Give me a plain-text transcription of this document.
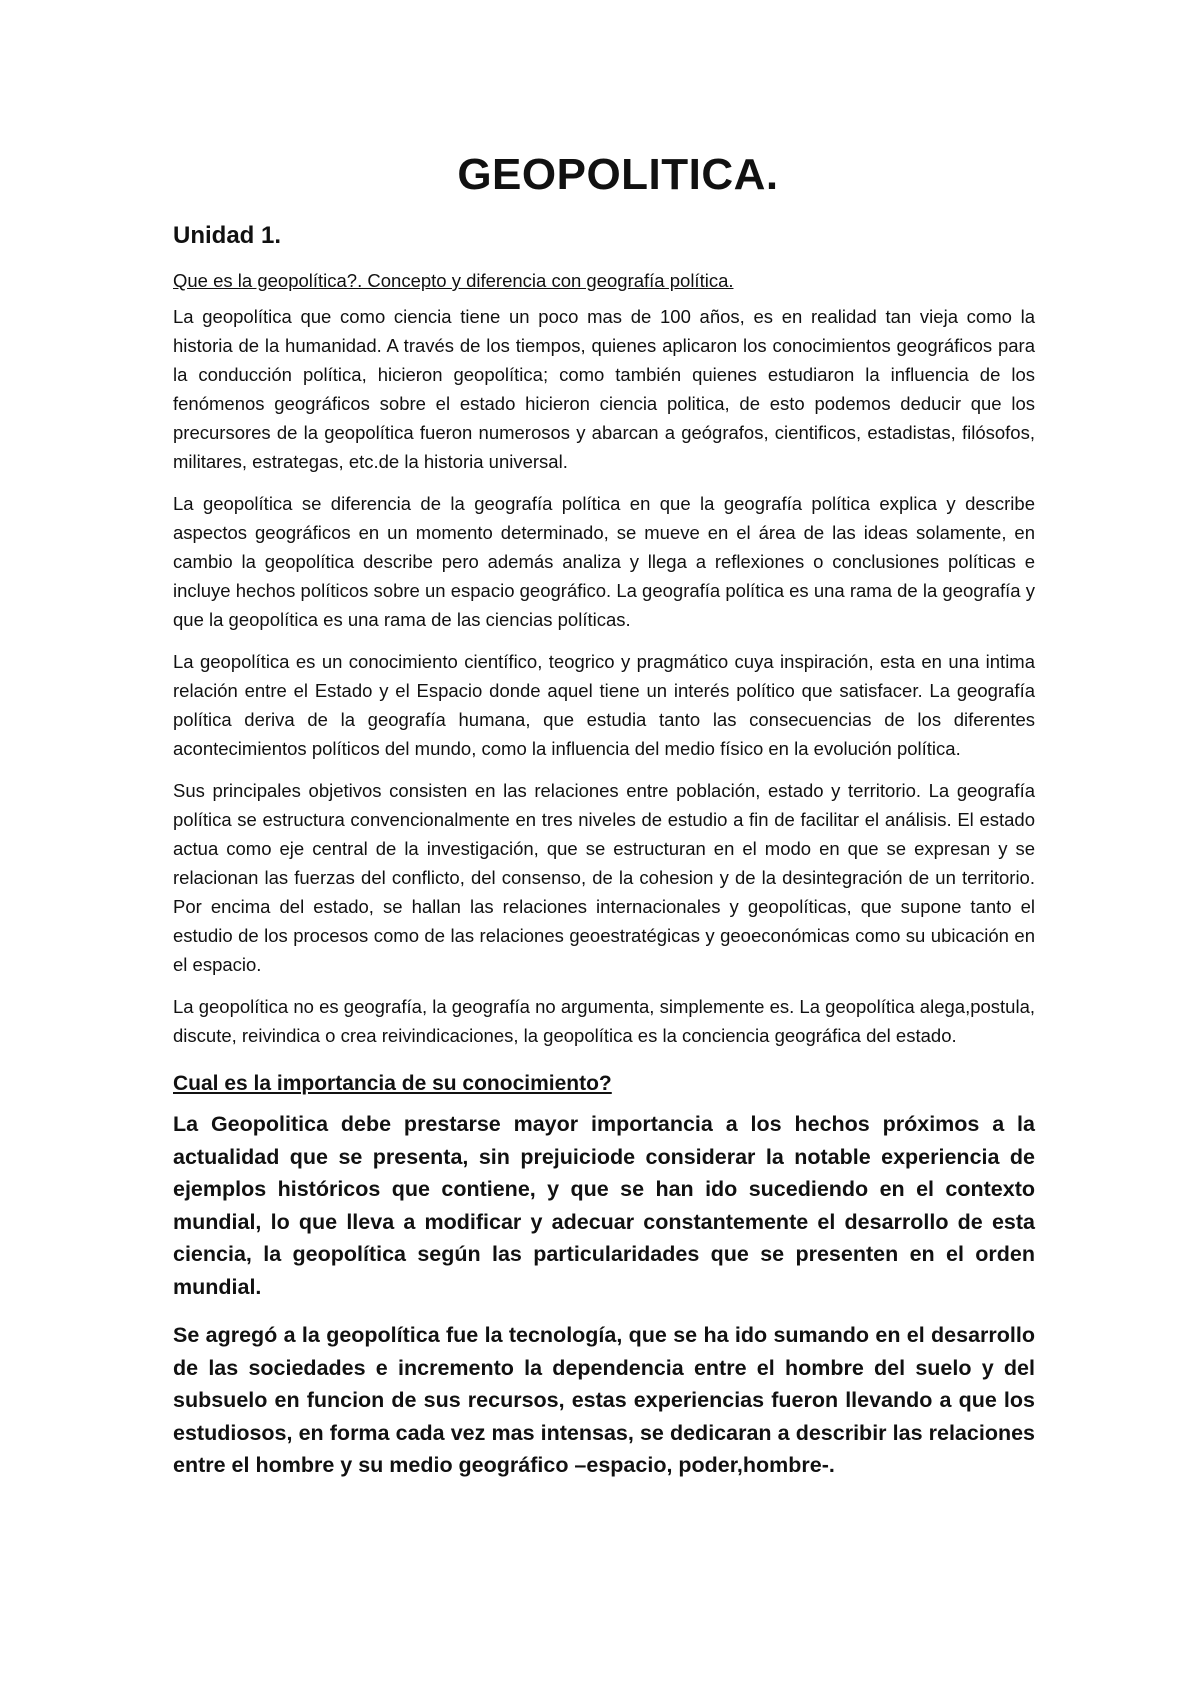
GEOPOLITICA.
Unidad 1.
Que es la geopolítica?. Concepto y diferencia con geografía política.

La geopolítica que como ciencia tiene un poco mas de 100 años, es en realidad tan vieja como la historia de la humanidad. A través de los tiempos, quienes aplicaron los conocimientos geográficos para la conducción política, hicieron geopolítica; como también quienes estudiaron la influencia de los fenómenos geográficos sobre el estado hicieron ciencia politica, de esto podemos deducir que los precursores de la geopolítica fueron numerosos y abarcan a geógrafos, cientificos, estadistas, filósofos, militares, estrategas, etc.de la historia universal.

La geopolítica se diferencia de la geografía política en que la geografía política explica y describe aspectos geográficos en un momento determinado, se mueve en el área de las ideas solamente, en cambio la geopolítica describe pero además analiza y llega a reflexiones o conclusiones políticas e incluye hechos políticos sobre un espacio geográfico. La geografía política es una rama de la geografía y que la geopolítica es una rama de las ciencias políticas.

La geopolítica es un conocimiento científico, teogrico y pragmático cuya inspiración, esta en una intima relación entre el Estado y el Espacio donde aquel tiene un interés político que satisfacer. La geografía política deriva de la geografía humana, que estudia tanto las consecuencias de los diferentes acontecimientos políticos del mundo, como la influencia del medio físico en la evolución política.

Sus principales objetivos consisten en las relaciones entre población, estado y territorio. La geografía política se estructura convencionalmente en tres niveles de estudio a fin de facilitar el análisis. El estado actua como eje central de la investigación, que se estructuran en el modo en que se expresan y se relacionan las fuerzas del conflicto, del consenso, de la cohesion y de la desintegración de un territorio. Por encima del estado, se hallan las relaciones internacionales y geopolíticas, que supone tanto el estudio de los procesos como de las relaciones geoestratégicas y geoeconómicas como su ubicación en el espacio.

La geopolítica no es geografía, la geografía no argumenta, simplemente es. La geopolítica alega,postula, discute, reivindica o crea reivindicaciones, la geopolítica es la conciencia geográfica del estado.

Cual es la importancia de su conocimiento?

La Geopolitica debe prestarse mayor importancia a los hechos próximos a la actualidad que se presenta, sin prejuiciode considerar la notable experiencia de ejemplos históricos que contiene, y que se han ido sucediendo en el contexto mundial, lo que lleva a modificar y adecuar constantemente el desarrollo de esta ciencia, la geopolítica según las particularidades que se presenten en el orden mundial.

Se agregó a la geopolítica fue la tecnología, que se ha ido sumando en el desarrollo de las sociedades e incremento la dependencia entre el hombre del suelo y del subsuelo en funcion de sus recursos, estas experiencias fueron llevando a que los estudiosos, en forma cada vez mas intensas, se dedicaran a describir las relaciones entre el hombre y su medio geográfico –espacio, poder,hombre-.
